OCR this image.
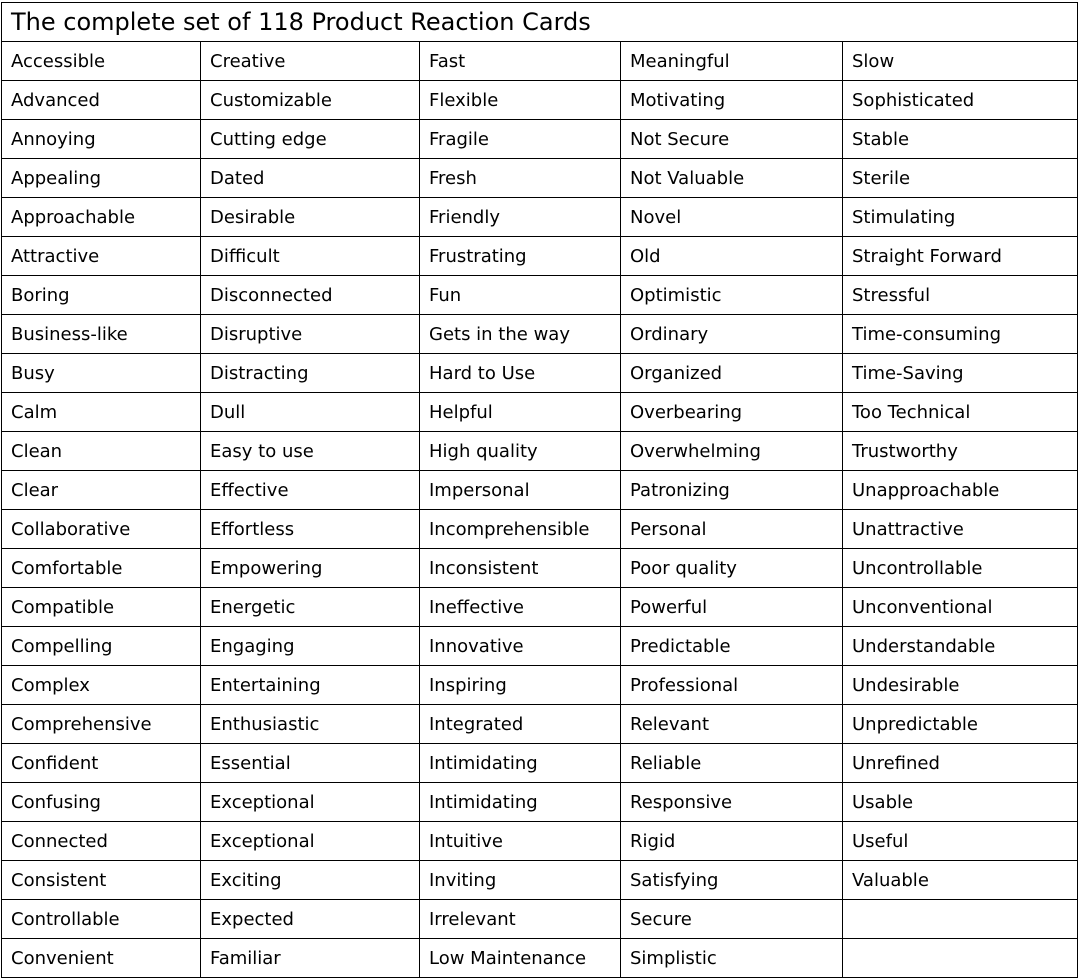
The complete set of 118 Product Reaction Cards				
Accessible	Creative	Fast	Meaningful	Slow
Advanced	Customizable	Flexible	Motivating	Sophisticated
Annoying	Cutting edge	Fragile	Not Secure	Stable
Appealing	Dated	Fresh	Not Valuable	Sterile
Approachable	Desirable	Friendly	Novel	Stimulating
Attractive	Difficult	Frustrating	Old	Straight Forward
Boring	Disconnected	Fun	Optimistic	Stressful
Business-like	Disruptive	Gets in the way	Ordinary	Time-consuming
Busy	Distracting	Hard to Use	Organized	Time-Saving
Calm	Dull	Helpful	Overbearing	Too Technical
Clean	Easy to use	High quality	Overwhelming	Trustworthy
Clear	Effective	Impersonal	Patronizing	Unapproachable
Collaborative	Effortless	Incomprehensible	Personal	Unattractive
Comfortable	Empowering	Inconsistent	Poor quality	Uncontrollable
Compatible	Energetic	Ineffective	Powerful	Unconventional
Compelling	Engaging	Innovative	Predictable	Understandable
Complex	Entertaining	Inspiring	Professional	Undesirable
Comprehensive	Enthusiastic	Integrated	Relevant	Unpredictable
Confident	Essential	Intimidating	Reliable	Unrefined
Confusing	Exceptional	Intimidating	Responsive	Usable
Connected	Exceptional	Intuitive	Rigid	Useful
Consistent	Exciting	Inviting	Satisfying	Valuable
Controllable	Expected	Irrelevant	Secure	
Convenient	Familiar	Low Maintenance	Simplistic	
